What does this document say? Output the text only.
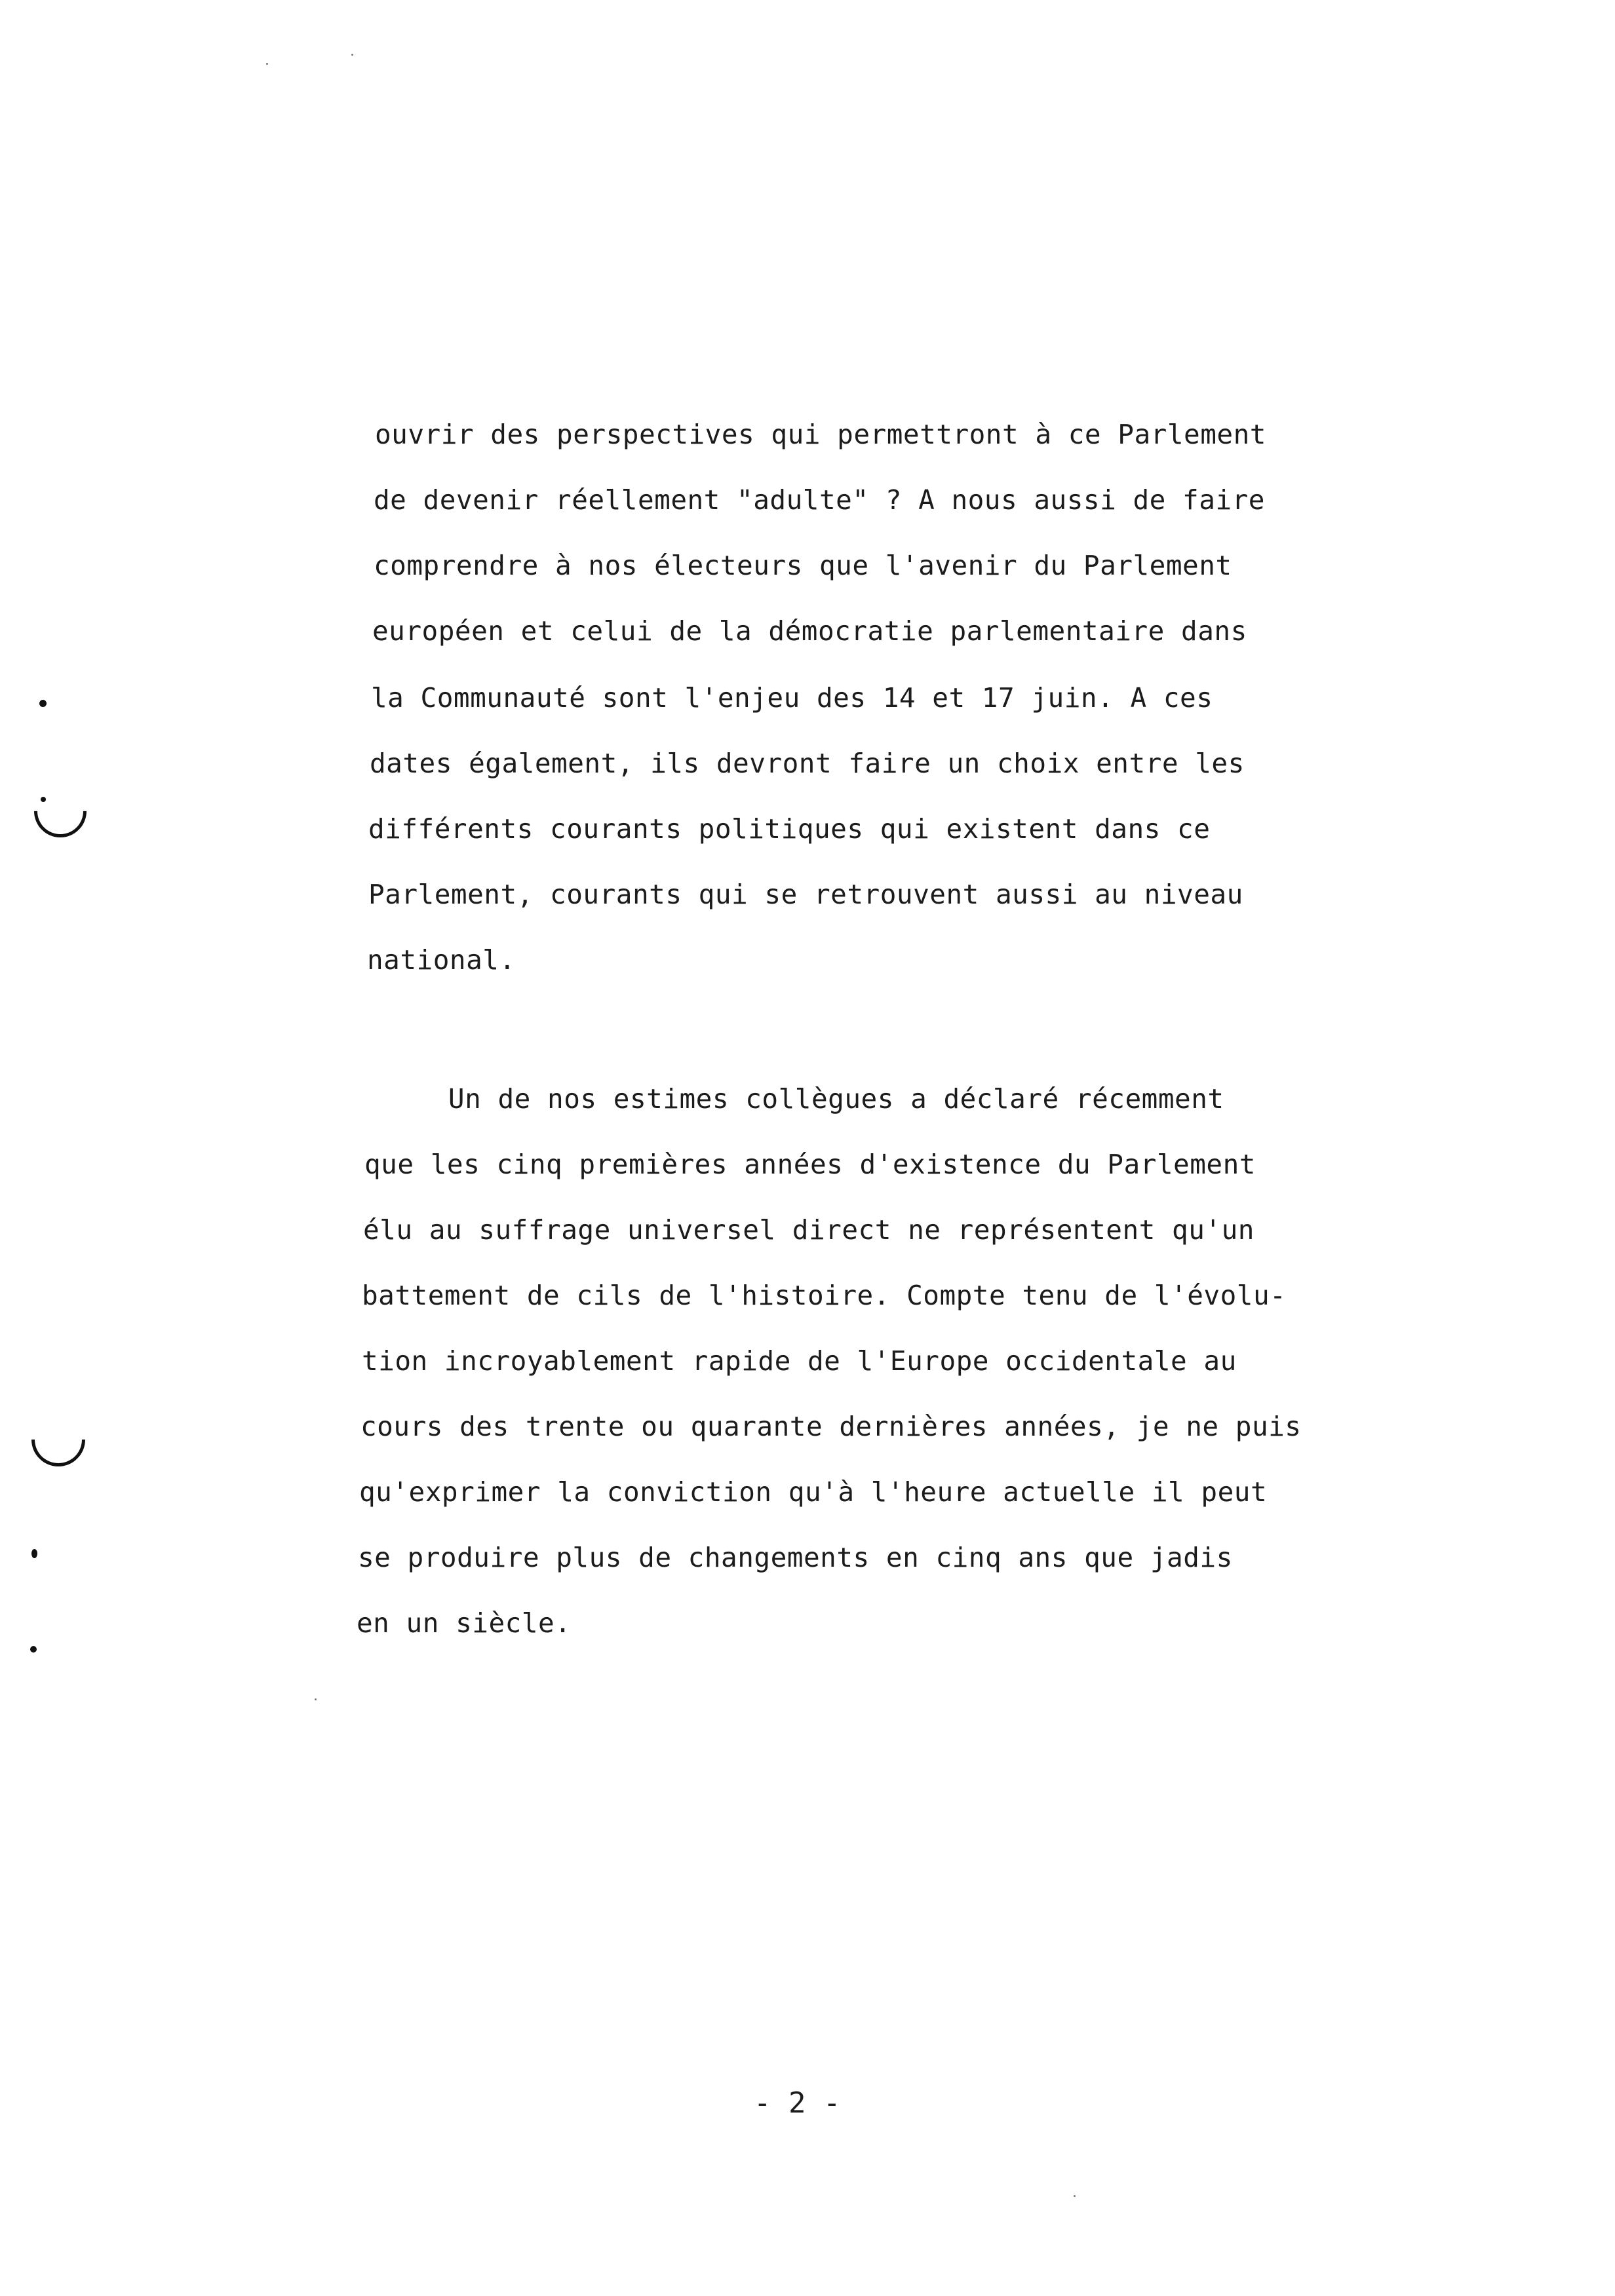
ouvrir des perspectives qui permettront à ce Parlement
de devenir réellement "adulte" ? A nous aussi de faire
comprendre à nos électeurs que l'avenir du Parlement
européen et celui de la démocratie parlementaire dans
la Communauté sont l'enjeu des 14 et 17 juin. A ces
dates également, ils devront faire un choix entre les
différents courants politiques qui existent dans ce
Parlement, courants qui se retrouvent aussi au niveau
national.
Un de nos estimes collègues a déclaré récemment
que les cinq premières années d'existence du Parlement
élu au suffrage universel direct ne représentent qu'un
battement de cils de l'histoire. Compte tenu de l'évolu-
tion incroyablement rapide de l'Europe occidentale au
cours des trente ou quarante dernières années, je ne puis
qu'exprimer la conviction qu'à l'heure actuelle il peut
se produire plus de changements en cinq ans que jadis
en un siècle.
- 2 -
